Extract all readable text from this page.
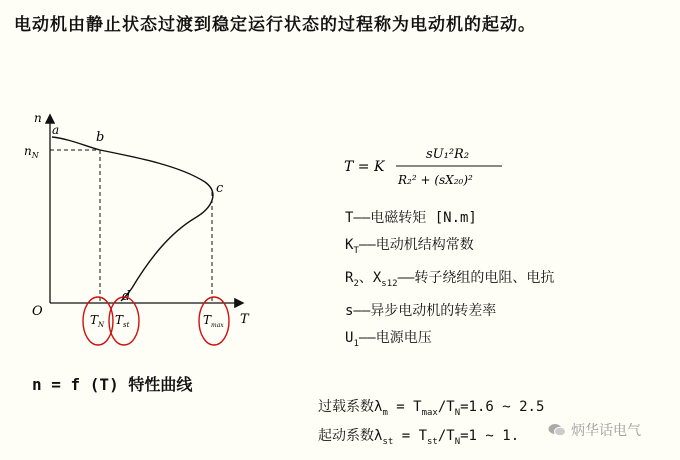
电动机由静止状态过渡到稳定运行状态的过程称为电动机的起动。
n
T
O
$n_N$
a	b
c
d
$T_N$ $T_{st}$	$T_{max}$
T = K
sU₁²R₂
R₂² + (sX₂₀)²
T——电磁转矩 [N.m]
$K_T——$电动机结构常数
$R_2$、$X_{s12}——$转子绕组的电阻、电抗
s——异步电动机的转差率
$U_1——$电源电压
n = f (T) 特性曲线
过载系数$\lambda_m = T_{max}/T_N=1.6$ ~ 2.5
起动系数$\lambda_{st} = T_{st}/T_N=1$ ~ 1.	炳华话电气
